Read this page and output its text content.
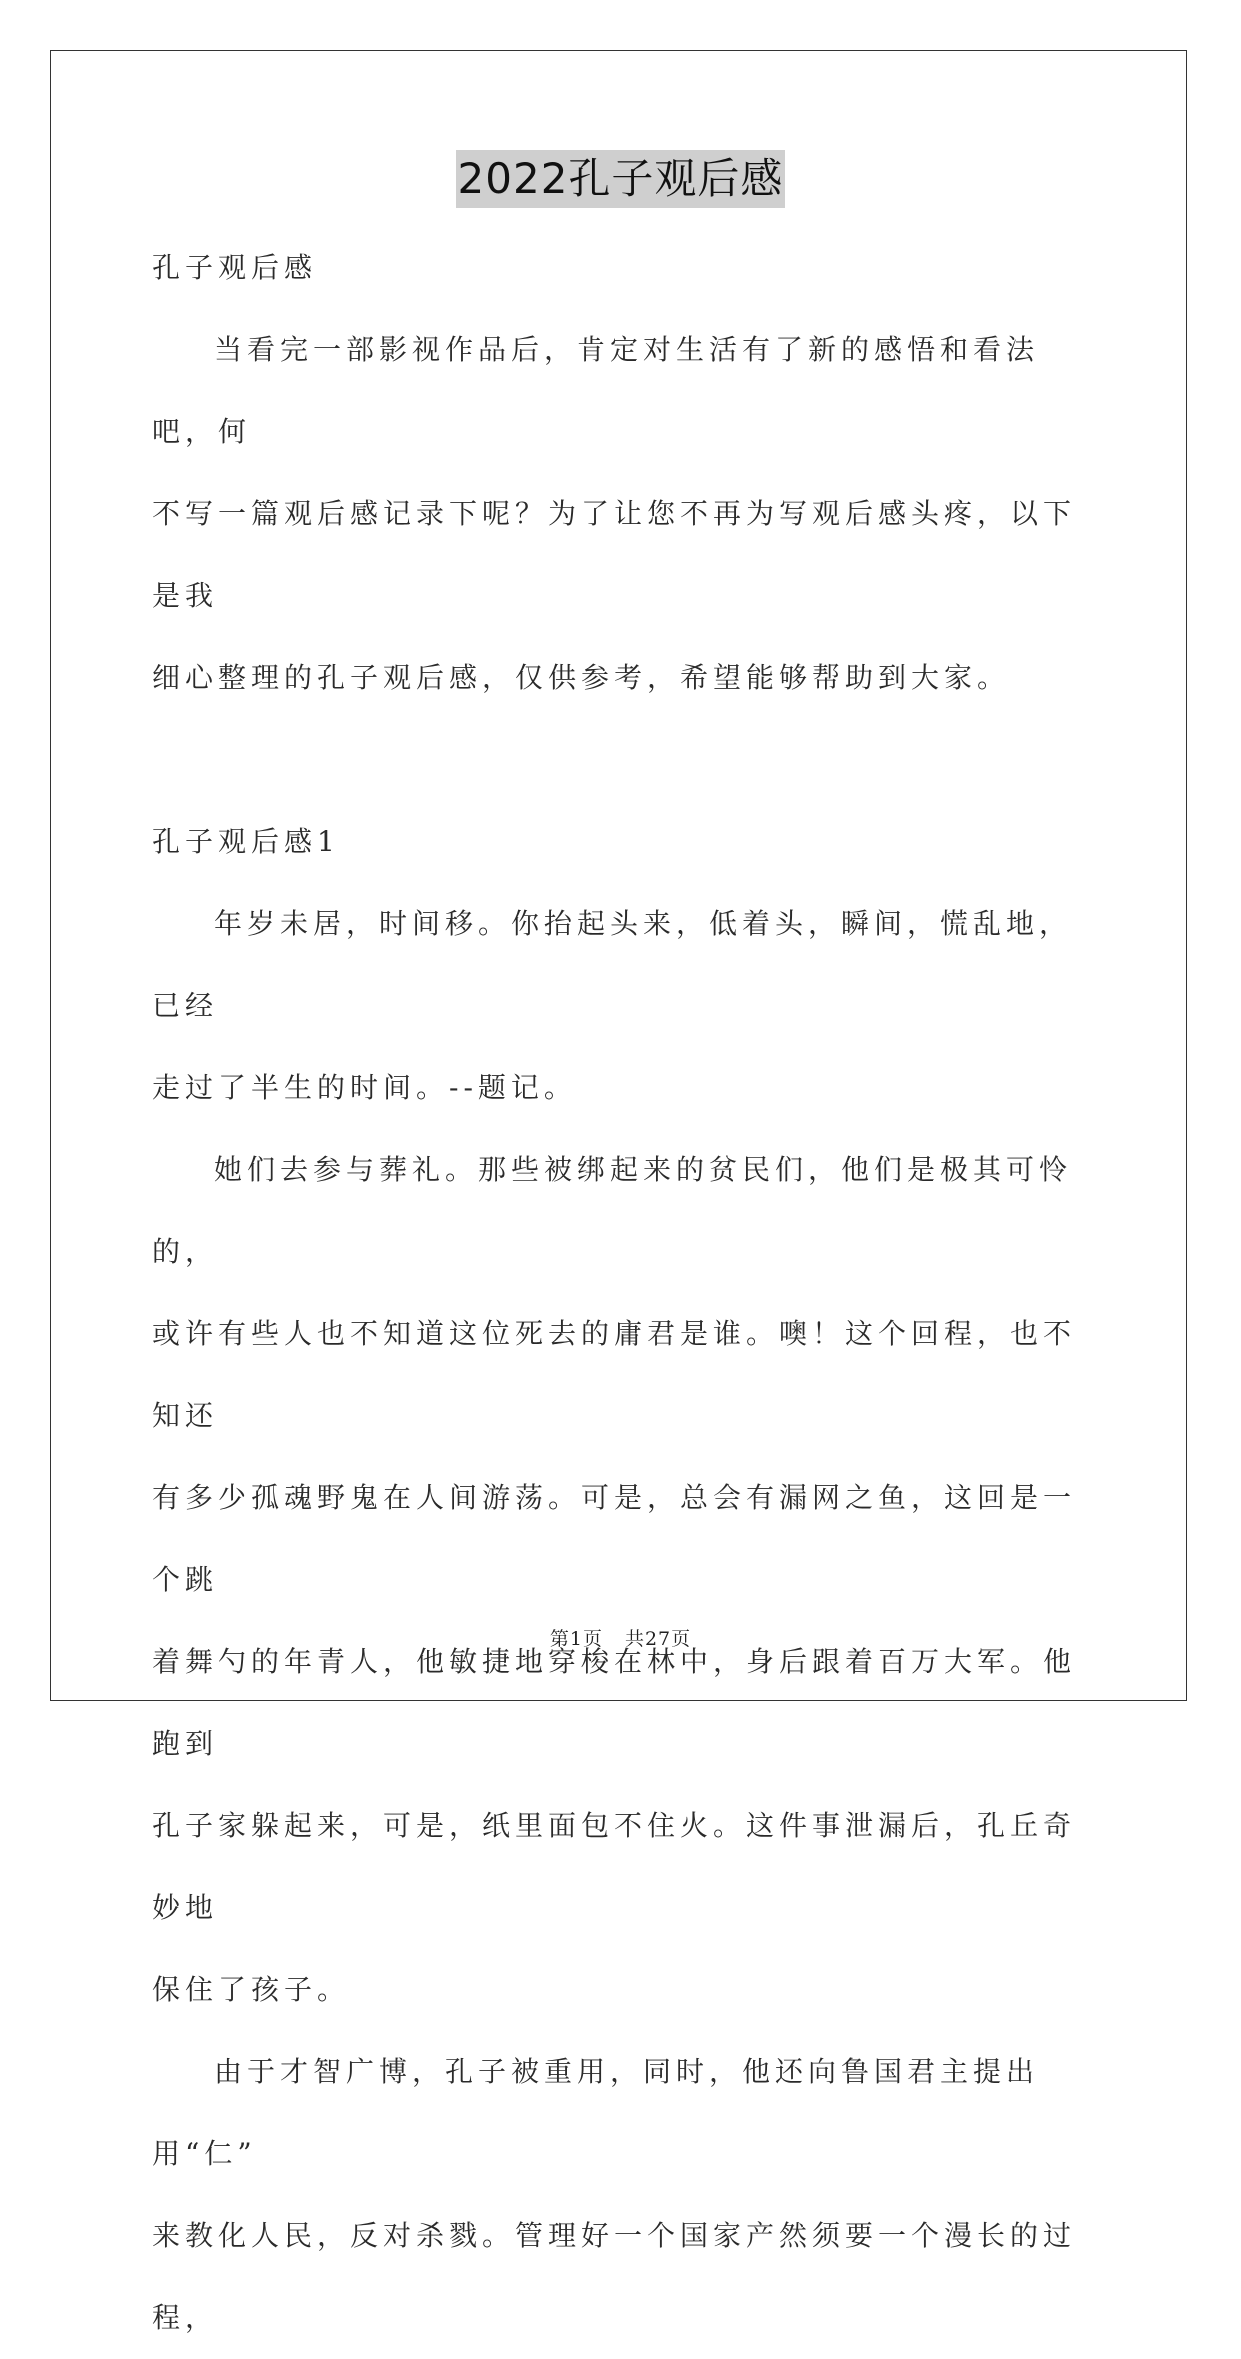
2022孔子观后感

孔子观后感

当看完一部影视作品后，肯定对生活有了新的感悟和看法吧，何

不写一篇观后感记录下呢？为了让您不再为写观后感头疼，以下是我

细心整理的孔子观后感，仅供参考，希望能够帮助到大家。

孔子观后感1

年岁未居，时间移。你抬起头来，低着头，瞬间，慌乱地，已经

走过了半生的时间。--题记。

她们去参与葬礼。那些被绑起来的贫民们，他们是极其可怜的，

或许有些人也不知道这位死去的庸君是谁。噢！这个回程，也不知还

有多少孤魂野鬼在人间游荡。可是，总会有漏网之鱼，这回是一个跳

着舞勺的年青人，他敏捷地穿梭在林中，身后跟着百万大军。他跑到

孔子家躲起来，可是，纸里面包不住火。这件事泄漏后，孔丘奇妙地

保住了孩子。

由于才智广博，孔子被重用，同时，他还向鲁国君主提出用“仁”

来教化人民，反对杀戮。管理好一个国家产然须要一个漫长的过程，

第1页 共27页
